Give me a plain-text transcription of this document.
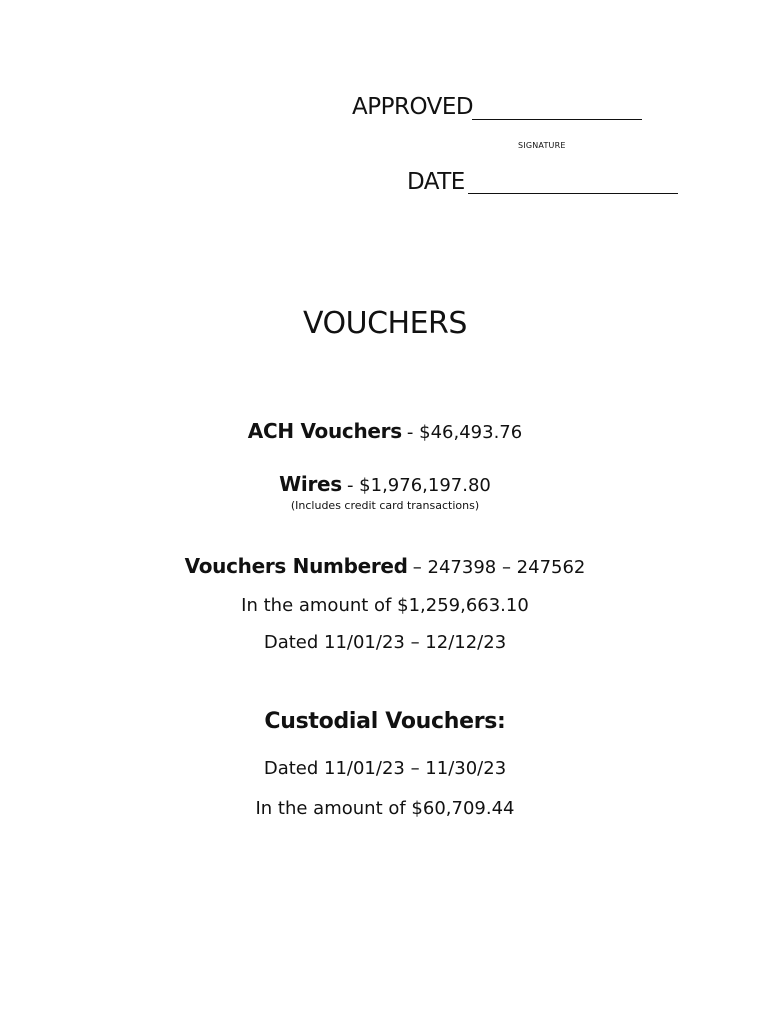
APPROVED
SIGNATURE
DATE
VOUCHERS
ACH Vouchers - $46,493.76
Wires - $1,976,197.80
(Includes credit card transactions)
Vouchers Numbered – 247398 – 247562
In the amount of $1,259,663.10
Dated 11/01/23 – 12/12/23
Custodial Vouchers:
Dated 11/01/23 – 11/30/23
In the amount of $60,709.44
